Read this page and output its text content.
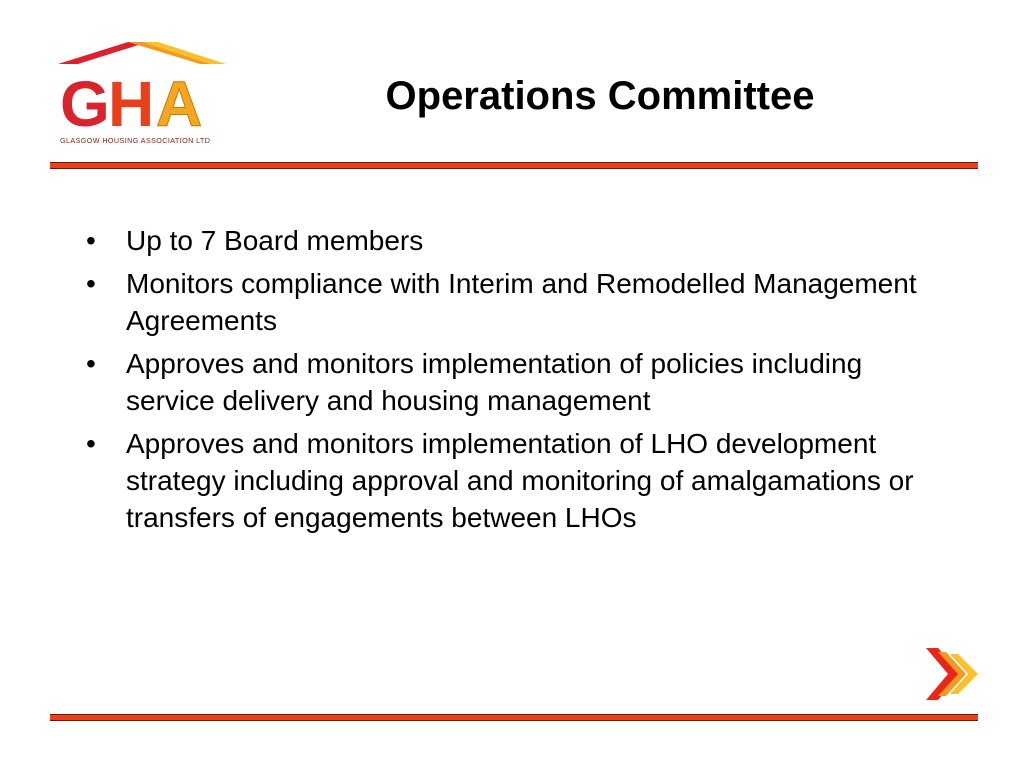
G
H A
GLASGOW HOUSING ASSOCIATION LTD
Operations Committee
• Up to 7 Board members
• Monitors compliance with Interim and Remodelled Management Agreements
• Approves and monitors implementation of policies including service delivery and housing management
• Approves and monitors implementation of LHO development strategy including approval and monitoring of amalgamations or transfers of engagements between LHOs
